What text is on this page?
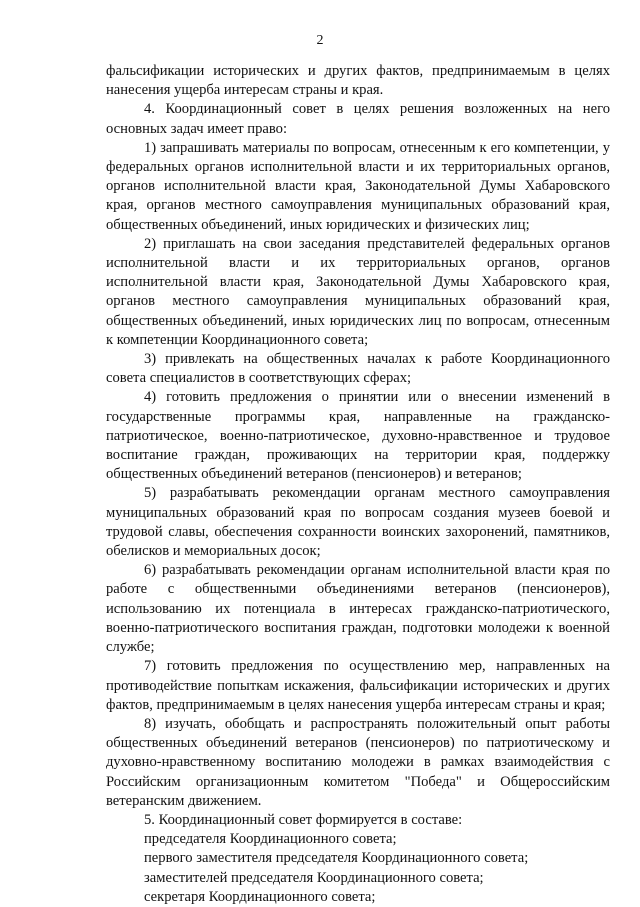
2

фальсификации исторических и других фактов, предпринимаемым в целях нанесения ущерба интересам страны и края.

4. Координационный совет в целях решения возложенных на него основных задач имеет право:

1) запрашивать материалы по вопросам, отнесенным к его компетенции, у федеральных органов исполнительной власти и их территориальных органов, органов исполнительной власти края, Законодательной Думы Хабаровского края, органов местного самоуправления муниципальных образований края, общественных объединений, иных юридических и физических лиц;

2) приглашать на свои заседания представителей федеральных органов исполнительной власти и их территориальных органов, органов исполнительной власти края, Законодательной Думы Хабаровского края, органов местного самоуправления муниципальных образований края, общественных объединений, иных юридических лиц по вопросам, отнесенным к компетенции Координационного совета;

3) привлекать на общественных началах к работе Координационного совета специалистов в соответствующих сферах;

4) готовить предложения о принятии или о внесении изменений в государственные программы края, направленные на гражданско-патриотическое, военно-патриотическое, духовно-нравственное и трудовое воспитание граждан, проживающих на территории края, поддержку общественных объединений ветеранов (пенсионеров) и ветеранов;

5) разрабатывать рекомендации органам местного самоуправления муниципальных образований края по вопросам создания музеев боевой и трудовой славы, обеспечения сохранности воинских захоронений, памятников, обелисков и мемориальных досок;

6) разрабатывать рекомендации органам исполнительной власти края по работе с общественными объединениями ветеранов (пенсионеров), использованию их потенциала в интересах гражданско-патриотического, военно-патриотического воспитания граждан, подготовки молодежи к военной службе;

7) готовить предложения по осуществлению мер, направленных на противодействие попыткам искажения, фальсификации исторических и других фактов, предпринимаемым в целях нанесения ущерба интересам страны и края;

8) изучать, обобщать и распространять положительный опыт работы общественных объединений ветеранов (пенсионеров) по патриотическому и духовно-нравственному воспитанию молодежи в рамках взаимодействия с Российским организационным комитетом "Победа" и Общероссийским ветеранским движением.

5. Координационный совет формируется в составе:

председателя Координационного совета;

первого заместителя председателя Координационного совета;

заместителей председателя Координационного совета;

секретаря Координационного совета;
